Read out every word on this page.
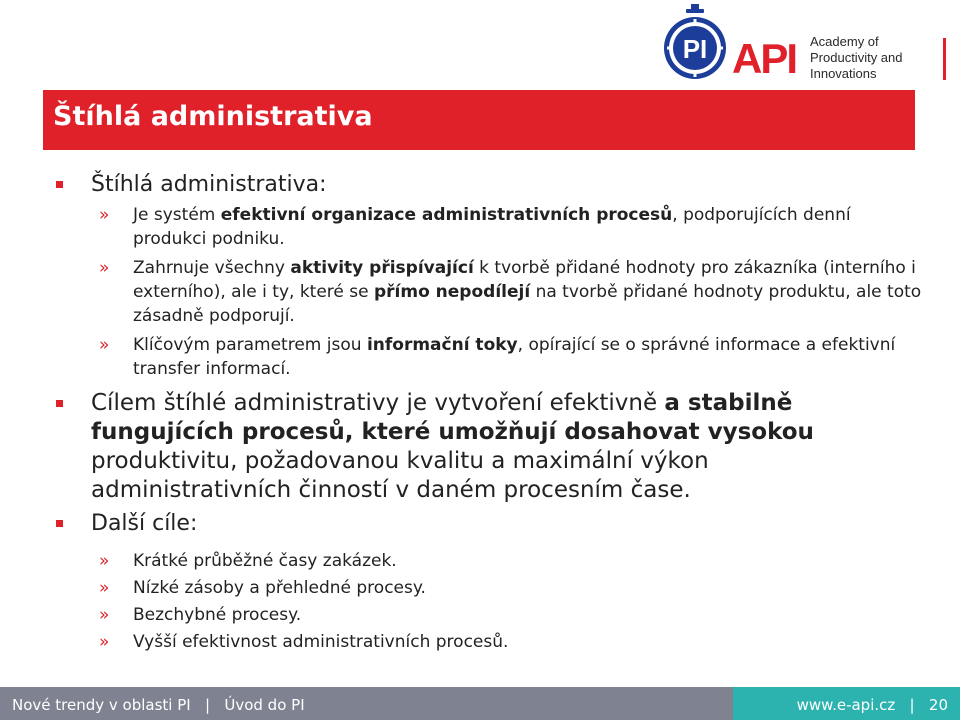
PI API Academy of
Productivity and
Innovations
Štíhlá administrativa
Štíhlá administrativa:
» Je systém efektivní organizace administrativních procesů, podporujících denní produkci podniku.
» Zahrnuje všechny aktivity přispívající k tvorbě přidané hodnoty pro zákazníka (interního i externího), ale i ty, které se přímo nepodílejí na tvorbě přidané hodnoty produktu, ale toto zásadně podporují.
» Klíčovým parametrem jsou informační toky, opírající se o správné informace a efektivní transfer informací.
Cílem štíhlé administrativy je vytvoření efektivně a stabilně fungujících procesů, které umožňují dosahovat vysokou produktivitu, požadovanou kvalitu a maximální výkon administrativních činností v daném procesním čase.
Další cíle:
» Krátké průběžné časy zakázek.
» Nízké zásoby a přehledné procesy.
» Bezchybné procesy.
» Vyšší efektivnost administrativních procesů.
Nové trendy v oblasti PI   |   Úvod do PI	www.e-api.cz   |   20
